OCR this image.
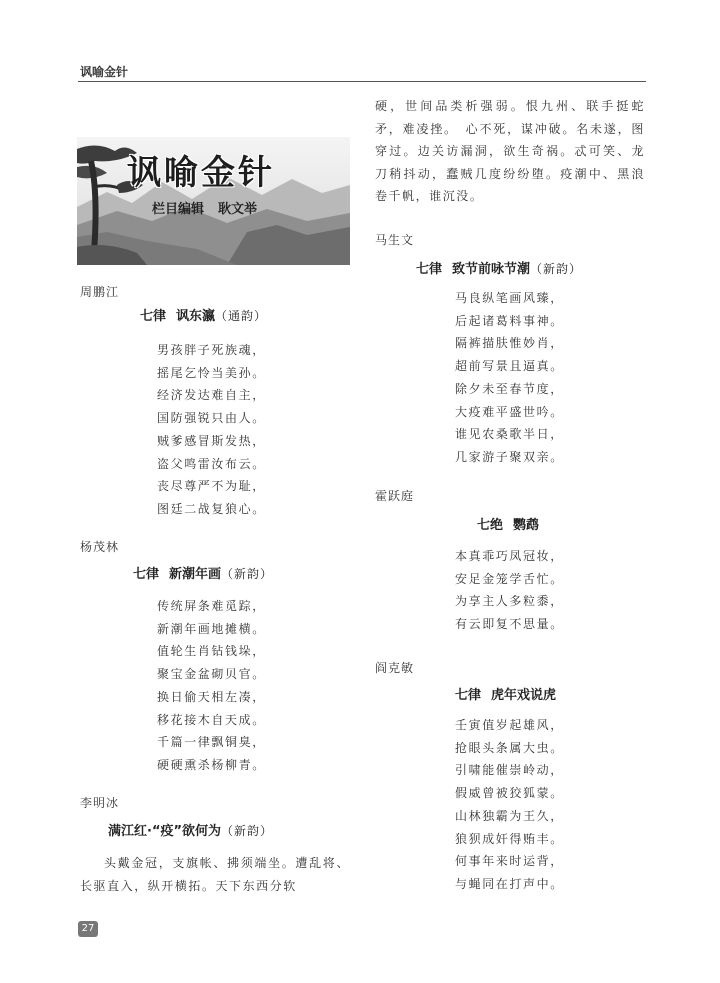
讽喻金针
讽喻金针
栏目编辑 耿文举
周鹏江
七律 讽东瀛（通韵）
男孩胖子死族魂，
摇尾乞怜当美孙。
经济发达难自主，
国防强锐只由人。
贼爹感冒斯发热，
盗父鸣雷汝布云。
丧尽尊严不为耻，
图廷二战复狼心。
杨茂林
七律 新潮年画（新韵）
传统屏条难觅踪，
新潮年画地摊横。
值轮生肖钻钱垛，
聚宝金盆砌贝官。
换日偷天相左凑，
移花接木自天成。
千篇一律飘铜臭，
硬硬熏杀杨柳青。
李明冰
满江红·“疫”欲何为（新韵）

头戴金冠，支旗帐、拂须端坐。遭乱将、长驱直入，纵开横拓。天下东西分软

硬，世间品类析强弱。恨九州、联手挺蛇矛，难凌挫。　心不死，谋冲破。名未遂，图穿过。边关访漏洞，欲生奇祸。忒可笑、龙刀稍抖动，蠢贼几度纷纷堕。疫潮中、黑浪卷千帆，谁沉没。

马生文
七律 致节前咏节潮（新韵）
马良纵笔画风臻，
后起诸葛料事神。
隔裤描肤惟妙肖，
超前写景且逼真。
除夕未至春节度，
大疫难平盛世吟。
谁见农桑歌半日，
几家游子聚双亲。
霍跃庭
七绝 鹦鹉
本真乖巧凤冠妆，
安足金笼学舌忙。
为享主人多粒黍，
有云即复不思量。
阎克敏
七律 虎年戏说虎
壬寅值岁起雄风，
抢眼头条属大虫。
引啸能催崇岭动，
假威曾被狡狐蒙。
山林独霸为王久，
狼狈成奸得贿丰。
何事年来时运背，
与蝇同在打声中。
27
